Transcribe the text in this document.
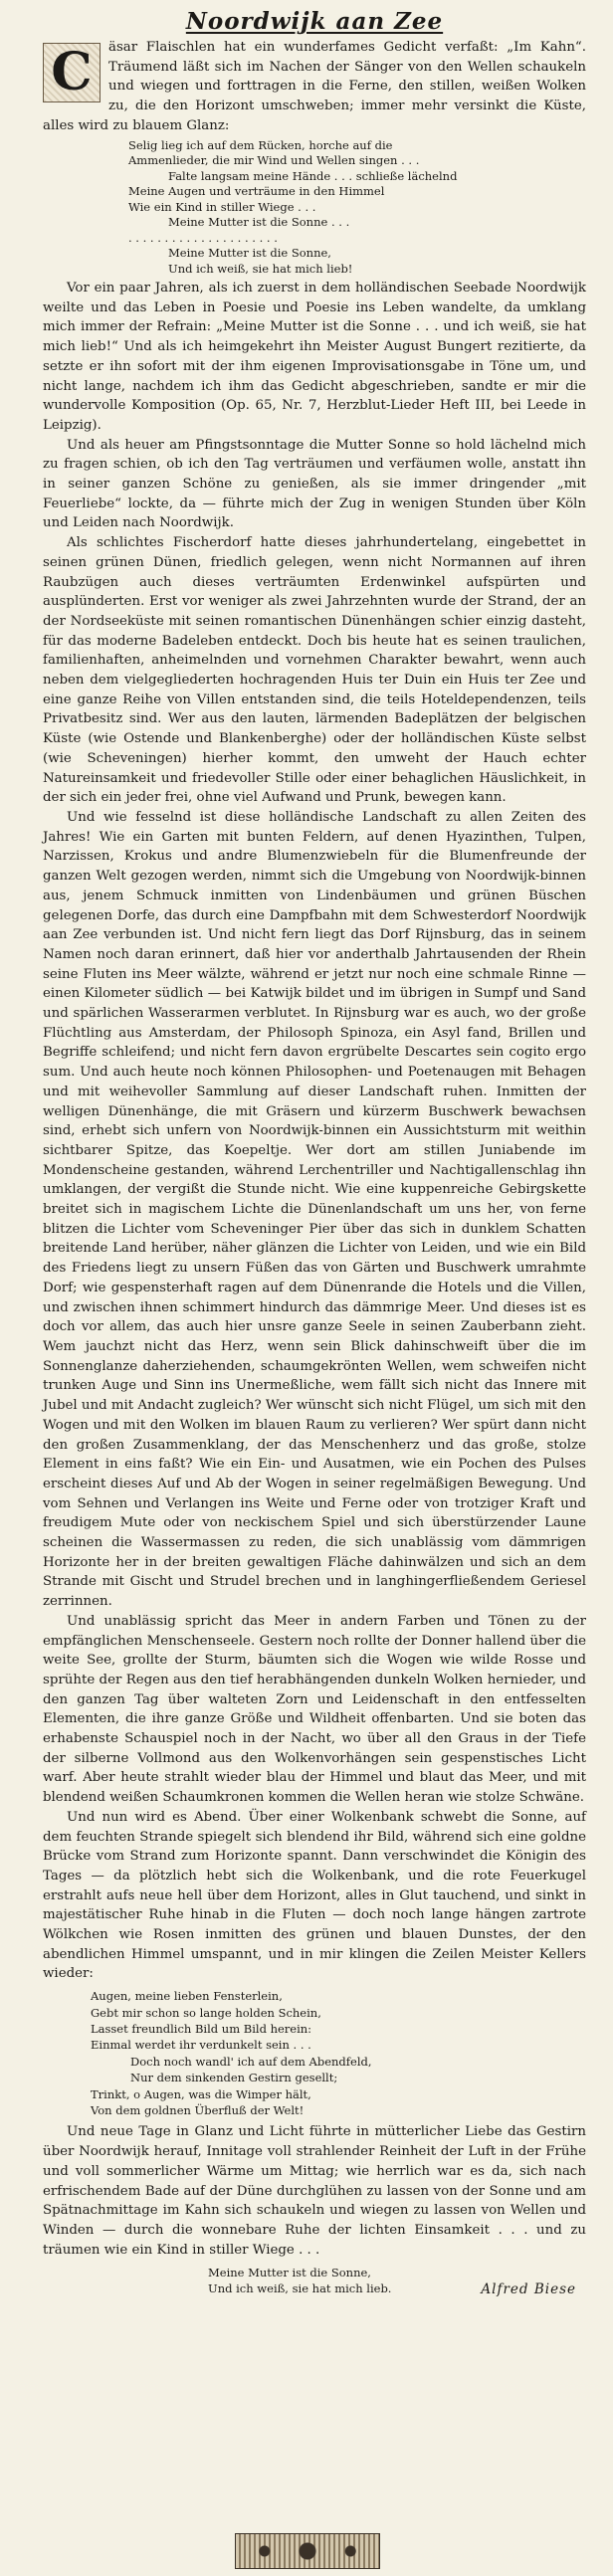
Noordwijk aan Zee

C	äsar Flaischlen hat ein wunderfames Gedicht verfaßt: „Im Kahn“. Träumend läßt sich im Nachen der Sänger von den Wellen schaukeln und wiegen und forttragen in die Ferne, den stillen, weißen Wolken zu, die den Horizont umschweben; immer mehr versinkt die Küste, alles wird zu blauem Glanz:

Selig lieg ich auf dem Rücken, horche auf die
Ammenlieder, die mir Wind und Wellen singen . . .
Falte langsam meine Hände . . . schließe lächelnd
Meine Augen und verträume in den Himmel
Wie ein Kind in stiller Wiege . . .
Meine Mutter ist die Sonne . . .
. . . . . . . . . . . . . . . . . . . . .
Meine Mutter ist die Sonne,
Und ich weiß, sie hat mich lieb!

Vor ein paar Jahren, als ich zuerst in dem holländischen Seebade Noordwijk weilte und das Leben in Poesie und Poesie ins Leben wandelte, da umklang mich immer der Refrain: „Meine Mutter ist die Sonne . . . und ich weiß, sie hat mich lieb!“ Und als ich heimgekehrt ihn Meister August Bungert rezitierte, da setzte er ihn sofort mit der ihm eigenen Improvisationsgabe in Töne um, und nicht lange, nachdem ich ihm das Gedicht abgeschrieben, sandte er mir die wundervolle Komposition (Op. 65, Nr. 7, Herzblut-Lieder Heft III, bei Leede in Leipzig).

Und als heuer am Pfingstsonntage die Mutter Sonne so hold lächelnd mich zu fragen schien, ob ich den Tag verträumen und verfäumen wolle, anstatt ihn in seiner ganzen Schöne zu genießen, als sie immer dringender „mit Feuerliebe“ lockte, da — führte mich der Zug in wenigen Stunden über Köln und Leiden nach Noordwijk.

Als schlichtes Fischerdorf hatte dieses jahrhundertelang, eingebettet in seinen grünen Dünen, friedlich gelegen, wenn nicht Normannen auf ihren Raubzügen auch dieses verträumten Erdenwinkel aufspürten und ausplünderten. Erst vor weniger als zwei Jahrzehnten wurde der Strand, der an der Nordseeküste mit seinen romantischen Dünenhängen schier einzig dasteht, für das moderne Badeleben entdeckt. Doch bis heute hat es seinen traulichen, familienhaften, anheimelnden und vornehmen Charakter bewahrt, wenn auch neben dem vielgegliederten hochragenden Huis ter Duin ein Huis ter Zee und eine ganze Reihe von Villen entstanden sind, die teils Hoteldependenzen, teils Privatbesitz sind. Wer aus den lauten, lärmenden Badeplätzen der belgischen Küste (wie Ostende und Blankenberghe) oder der holländischen Küste selbst (wie Scheveningen) hierher kommt, den umweht der Hauch echter Natureinsamkeit und friedevoller Stille oder einer behaglichen Häuslichkeit, in der sich ein jeder frei, ohne viel Aufwand und Prunk, bewegen kann.

Und wie fesselnd ist diese holländische Landschaft zu allen Zeiten des Jahres! Wie ein Garten mit bunten Feldern, auf denen Hyazinthen, Tulpen, Narzissen, Krokus und andre Blumenzwiebeln für die Blumenfreunde der ganzen Welt gezogen werden, nimmt sich die Umgebung von Noordwijk-binnen aus, jenem Schmuck inmitten von Lindenbäumen und grünen Büschen gelegenen Dorfe, das durch eine Dampfbahn mit dem Schwesterdorf Noordwijk aan Zee verbunden ist. Und nicht fern liegt das Dorf Rijnsburg, das in seinem Namen noch daran erinnert, daß hier vor anderthalb Jahrtausenden der Rhein seine Fluten ins Meer wälzte, während er jetzt nur noch eine schmale Rinne — einen Kilometer südlich — bei Katwijk bildet und im übrigen in Sumpf und Sand und spärlichen Wasserarmen verblutet. In Rijnsburg war es auch, wo der große Flüchtling aus Amsterdam, der Philosoph Spinoza, ein Asyl fand, Brillen und Begriffe schleifend; und nicht fern davon ergrübelte Descartes sein cogito ergo sum. Und auch heute noch können Philosophen- und Poetenaugen mit Behagen und mit weihevoller Sammlung auf dieser Landschaft ruhen. Inmitten der welligen Dünenhänge, die mit Gräsern und kürzerm Buschwerk bewachsen sind, erhebt sich unfern von Noordwijk-binnen ein Aussichtsturm mit weithin sichtbarer Spitze, das Koepeltje. Wer dort am stillen Juniabende im Mondenscheine gestanden, während Lerchentriller und Nachtigallenschlag ihn umklangen, der vergißt die Stunde nicht. Wie eine kuppenreiche Gebirgskette breitet sich in magischem Lichte die Dünenlandschaft um uns her, von ferne blitzen die Lichter vom Scheveninger Pier über das sich in dunklem Schatten breitende Land herüber, näher glänzen die Lichter von Leiden, und wie ein Bild des Friedens liegt zu unsern Füßen das von Gärten und Buschwerk umrahmte Dorf; wie gespensterhaft ragen auf dem Dünenrande die Hotels und die Villen, und zwischen ihnen schimmert hindurch das dämmrige Meer. Und dieses ist es doch vor allem, das auch hier unsre ganze Seele in seinen Zauberbann zieht. Wem jauchzt nicht das Herz, wenn sein Blick dahinschweift über die im Sonnenglanze daherziehenden, schaumgekrönten Wellen, wem schweifen nicht trunken Auge und Sinn ins Unermeßliche, wem fällt sich nicht das Innere mit Jubel und mit Andacht zugleich? Wer wünscht sich nicht Flügel, um sich mit den Wogen und mit den Wolken im blauen Raum zu verlieren? Wer spürt dann nicht den großen Zusammenklang, der das Menschenherz und das große, stolze Element in eins faßt? Wie ein Ein- und Ausatmen, wie ein Pochen des Pulses erscheint dieses Auf und Ab der Wogen in seiner regelmäßigen Bewegung. Und vom Sehnen und Verlangen ins Weite und Ferne oder von trotziger Kraft und freudigem Mute oder von neckischem Spiel und sich überstürzender Laune scheinen die Wassermassen zu reden, die sich unablässig vom dämmrigen Horizonte her in der breiten gewaltigen Fläche dahinwälzen und sich an dem Strande mit Gischt und Strudel brechen und in langhingerfließendem Geriesel zerrinnen.

Und unablässig spricht das Meer in andern Farben und Tönen zu der empfänglichen Menschenseele. Gestern noch rollte der Donner hallend über die weite See, grollte der Sturm, bäumten sich die Wogen wie wilde Rosse und sprühte der Regen aus den tief herabhängenden dunkeln Wolken hernieder, und den ganzen Tag über walteten Zorn und Leidenschaft in den entfesselten Elementen, die ihre ganze Größe und Wildheit offenbarten. Und sie boten das erhabenste Schauspiel noch in der Nacht, wo über all den Graus in der Tiefe der silberne Vollmond aus den Wolkenvorhängen sein gespenstisches Licht warf. Aber heute strahlt wieder blau der Himmel und blaut das Meer, und mit blendend weißen Schaumkronen kommen die Wellen heran wie stolze Schwäne.

Und nun wird es Abend. Über einer Wolkenbank schwebt die Sonne, auf dem feuchten Strande spiegelt sich blendend ihr Bild, während sich eine goldne Brücke vom Strand zum Horizonte spannt. Dann verschwindet die Königin des Tages — da plötzlich hebt sich die Wolkenbank, und die rote Feuerkugel erstrahlt aufs neue hell über dem Horizont, alles in Glut tauchend, und sinkt in majestätischer Ruhe hinab in die Fluten — doch noch lange hängen zartrote Wölkchen wie Rosen inmitten des grünen und blauen Dunstes, der den abendlichen Himmel umspannt, und in mir klingen die Zeilen Meister Kellers wieder:

Augen, meine lieben Fensterlein,
Gebt mir schon so lange holden Schein,
Lasset freundlich Bild um Bild herein:
Einmal werdet ihr verdunkelt sein . . .
Doch noch wandl' ich auf dem Abendfeld,
Nur dem sinkenden Gestirn gesellt;
Trinkt, o Augen, was die Wimper hält,
Von dem goldnen Überfluß der Welt!

Und neue Tage in Glanz und Licht führte in mütterlicher Liebe das Gestirn über Noordwijk herauf, Innitage voll strahlender Reinheit der Luft in der Frühe und voll sommerlicher Wärme um Mittag; wie herrlich war es da, sich nach erfrischendem Bade auf der Düne durchglühen zu lassen von der Sonne und am Spätnachmittage im Kahn sich schaukeln und wiegen zu lassen von Wellen und Winden — durch die wonnebare Ruhe der lichten Einsamkeit . . . und zu träumen wie ein Kind in stiller Wiege . . .

Meine Mutter ist die Sonne,
Und ich weiß, sie hat mich lieb.	Alfred Biese
